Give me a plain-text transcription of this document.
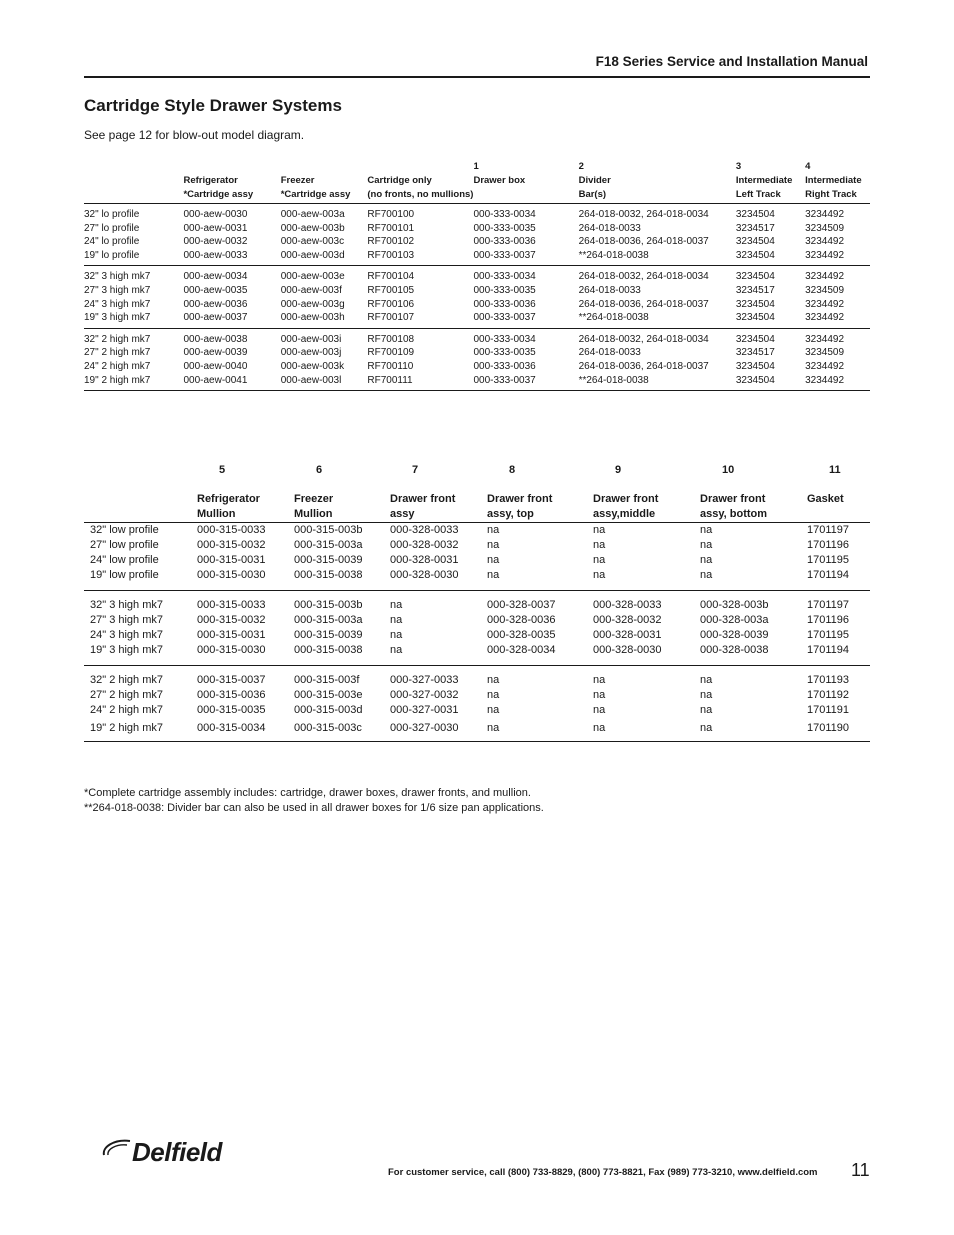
F18 Series Service and Installation Manual
Cartridge Style Drawer Systems
See page 12 for blow-out model diagram.
				1	2	3	4
	Refrigerator	Freezer	Cartridge only	Drawer box	Divider	Intermediate	Intermediate
	*Cartridge assy	*Cartridge assy	(no fronts, no mullions)		Bar(s)	Left Track	Right Track
32" lo profile	000-aew-0030	000-aew-003a	RF700100	000-333-0034	264-018-0032, 264-018-0034	3234504	3234492
27" lo profile	000-aew-0031	000-aew-003b	RF700101	000-333-0035	264-018-0033	3234517	3234509
24" lo profile	000-aew-0032	000-aew-003c	RF700102	000-333-0036	264-018-0036, 264-018-0037	3234504	3234492
19" lo profile	000-aew-0033	000-aew-003d	RF700103	000-333-0037	**264-018-0038	3234504	3234492
32" 3 high mk7	000-aew-0034	000-aew-003e	RF700104	000-333-0034	264-018-0032, 264-018-0034	3234504	3234492
27" 3 high mk7	000-aew-0035	000-aew-003f	RF700105	000-333-0035	264-018-0033	3234517	3234509
24" 3 high mk7	000-aew-0036	000-aew-003g	RF700106	000-333-0036	264-018-0036, 264-018-0037	3234504	3234492
19" 3 high mk7	000-aew-0037	000-aew-003h	RF700107	000-333-0037	**264-018-0038	3234504	3234492
32" 2 high mk7	000-aew-0038	000-aew-003i	RF700108	000-333-0034	264-018-0032, 264-018-0034	3234504	3234492
27" 2 high mk7	000-aew-0039	000-aew-003j	RF700109	000-333-0035	264-018-0033	3234517	3234509
24" 2 high mk7	000-aew-0040	000-aew-003k	RF700110	000-333-0036	264-018-0036, 264-018-0037	3234504	3234492
19" 2 high mk7	000-aew-0041	000-aew-003l	RF700111	000-333-0037	**264-018-0038	3234504	3234492
	5	6	7	8	9	10	11
	Refrigerator	Freezer	Drawer front	Drawer front	Drawer front	Drawer front	Gasket
	Mullion	Mullion	assy	assy, top	assy,middle	assy, bottom	
32" low profile	000-315-0033	000-315-003b	000-328-0033	na	na	na	1701197
27" low profile	000-315-0032	000-315-003a	000-328-0032	na	na	na	1701196
24" low profile	000-315-0031	000-315-0039	000-328-0031	na	na	na	1701195
19" low profile	000-315-0030	000-315-0038	000-328-0030	na	na	na	1701194
32" 3 high mk7	000-315-0033	000-315-003b	na	000-328-0037	000-328-0033	000-328-003b	1701197
27" 3 high mk7	000-315-0032	000-315-003a	na	000-328-0036	000-328-0032	000-328-003a	1701196
24" 3 high mk7	000-315-0031	000-315-0039	na	000-328-0035	000-328-0031	000-328-0039	1701195
19" 3 high mk7	000-315-0030	000-315-0038	na	000-328-0034	000-328-0030	000-328-0038	1701194
32" 2 high mk7	000-315-0037	000-315-003f	000-327-0033	na	na	na	1701193
27" 2 high mk7	000-315-0036	000-315-003e	000-327-0032	na	na	na	1701192
24" 2 high mk7	000-315-0035	000-315-003d	000-327-0031	na	na	na	1701191
19" 2 high mk7	000-315-0034	000-315-003c	000-327-0030	na	na	na	1701190
*Complete cartridge assembly includes: cartridge, drawer boxes, drawer fronts, and mullion.
**264-018-0038: Divider bar can also be used in all drawer boxes for 1/6 size pan applications.
Delfield
For customer service, call (800) 733-8829, (800) 773-8821, Fax (989) 773-3210, www.delfield.com 11
